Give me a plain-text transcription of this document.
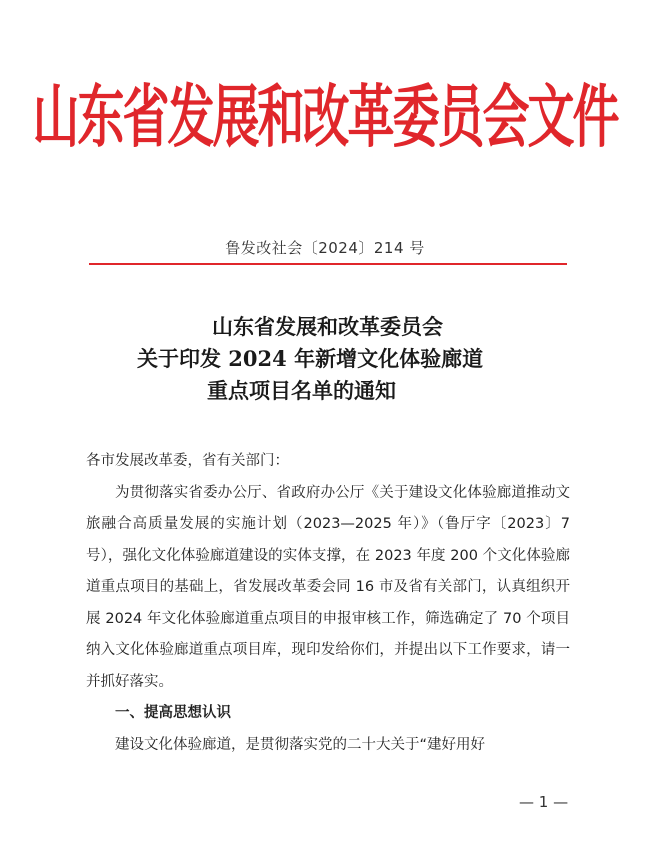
山东省发展和改革委员会文件
鲁发改社会〔2024〕214 号
山东省发展和改革委员会
关于印发 2024 年新增文化体验廊道
重点项目名单的通知

各市发展改革委，省有关部门：

为贯彻落实省委办公厅、省政府办公厅《关于建设文化体验廊道推动文旅融合高质量发展的实施计划（2023—2025 年）》（鲁厅字〔2023〕7 号），强化文化体验廊道建设的实体支撑，在 2023 年度 200 个文化体验廊道重点项目的基础上，省发展改革委会同 16 市及省有关部门，认真组织开展 2024 年文化体验廊道重点项目的申报审核工作，筛选确定了 70 个项目纳入文化体验廊道重点项目库，现印发给你们，并提出以下工作要求，请一并抓好落实。

一、提高思想认识

建设文化体验廊道，是贯彻落实党的二十大关于“建好用好

— 1 —
